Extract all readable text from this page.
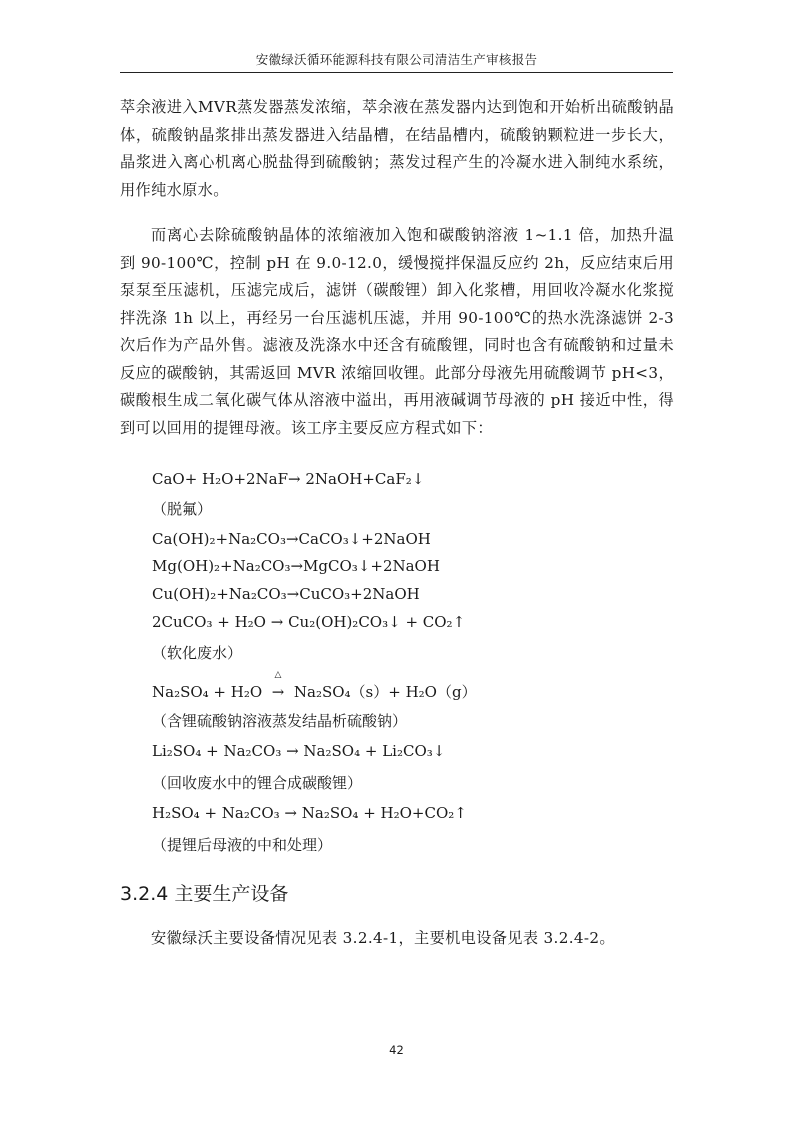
安徽绿沃循环能源科技有限公司清洁生产审核报告

萃余液进入MVR蒸发器蒸发浓缩，萃余液在蒸发器内达到饱和开始析出硫酸钠晶体，硫酸钠晶浆排出蒸发器进入结晶槽，在结晶槽内，硫酸钠颗粒进一步长大，晶浆进入离心机离心脱盐得到硫酸钠；蒸发过程产生的冷凝水进入制纯水系统，用作纯水原水。

而离心去除硫酸钠晶体的浓缩液加入饱和碳酸钠溶液 1~1.1 倍，加热升温到 90-100℃，控制 pH 在 9.0-12.0，缓慢搅拌保温反应约 2h，反应结束后用泵泵至压滤机，压滤完成后，滤饼（碳酸锂）卸入化浆槽，用回收冷凝水化浆搅拌洗涤 1h 以上，再经另一台压滤机压滤，并用 90-100℃的热水洗涤滤饼 2-3 次后作为产品外售。滤液及洗涤水中还含有硫酸锂，同时也含有硫酸钠和过量未反应的碳酸钠，其需返回 MVR 浓缩回收锂。此部分母液先用硫酸调节 pH<3，碳酸根生成二氧化碳气体从溶液中溢出，再用液碱调节母液的 pH 接近中性，得到可以回用的提锂母液。该工序主要反应方程式如下：

CaO+ H₂O+2NaF→ 2NaOH+CaF₂↓

（脱氟）

Ca(OH)₂+Na₂CO₃→CaCO₃↓+2NaOH

Mg(OH)₂+Na₂CO₃→MgCO₃↓+2NaOH

Cu(OH)₂+Na₂CO₃→CuCO₃+2NaOH

2CuCO₃ + H₂O → Cu₂(OH)₂CO₃↓ + CO₂↑

（软化废水）

Na₂SO₄ + H₂O
△
→ Na₂SO₄（s）+ H₂O（g）

（含锂硫酸钠溶液蒸发结晶析硫酸钠）

Li₂SO₄ + Na₂CO₃ → Na₂SO₄ + Li₂CO₃↓

（回收废水中的锂合成碳酸锂）

H₂SO₄ + Na₂CO₃ → Na₂SO₄ + H₂O+CO₂↑

（提锂后母液的中和处理）

3.2.4 主要生产设备

安徽绿沃主要设备情况见表 3.2.4-1，主要机电设备见表 3.2.4-2。

42
